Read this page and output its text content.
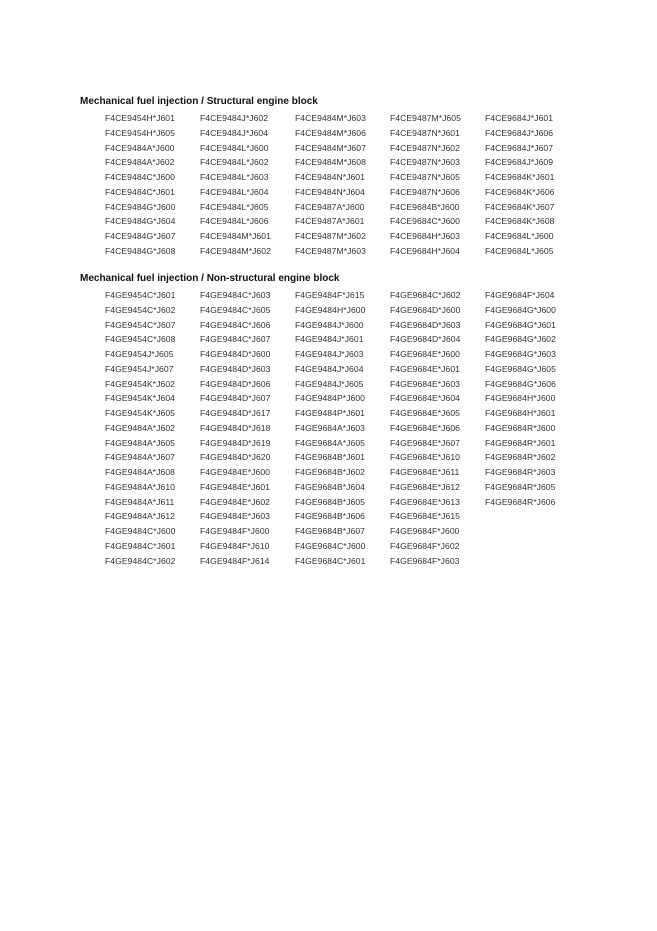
Mechanical fuel injection / Structural engine block
F4CE9454H*J601
F4CE9454H*J605
F4CE9484A*J600
F4CE9484A*J602
F4CE9484C*J600
F4CE9484C*J601
F4CE9484G*J600
F4CE9484G*J604
F4CE9484G*J607
F4CE9484G*J608
F4CE9484J*J602
F4CE9484J*J604
F4CE9484L*J600
F4CE9484L*J602
F4CE9484L*J603
F4CE9484L*J604
F4CE9484L*J605
F4CE9484L*J606
F4CE9484M*J601
F4CE9484M*J602
F4CE9484M*J603
F4CE9484M*J606
F4CE9484M*J607
F4CE9484M*J608
F4CE9484N*J601
F4CE9484N*J604
F4CE9487A*J600
F4CE9487A*J601
F4CE9487M*J602
F4CE9487M*J603
F4CE9487M*J605
F4CE9487N*J601
F4CE9487N*J602
F4CE9487N*J603
F4CE9487N*J605
F4CE9487N*J606
F4CE9684B*J600
F4CE9684C*J600
F4CE9684H*J603
F4CE9684H*J604
F4CE9684J*J601
F4CE9684J*J606
F4CE9684J*J607
F4CE9684J*J609
F4CE9684K*J601
F4CE9684K*J606
F4CE9684K*J607
F4CE9684K*J608
F4CE9684L*J600
F4CE9684L*J605
Mechanical fuel injection / Non-structural engine block
F4GE9454C*J601
F4GE9454C*J602
F4GE9454C*J607
F4GE9454C*J608
F4GE9454J*J605
F4GE9454J*J607
F4GE9454K*J602
F4GE9454K*J604
F4GE9454K*J605
F4GE9484A*J602
F4GE9484A*J605
F4GE9484A*J607
F4GE9484A*J608
F4GE9484A*J610
F4GE9484A*J611
F4GE9484A*J612
F4GE9484C*J600
F4GE9484C*J601
F4GE9484C*J602
F4GE9484C*J603
F4GE9484C*J605
F4GE9484C*J606
F4GE9484C*J607
F4GE9484D*J600
F4GE9484D*J603
F4GE9484D*J606
F4GE9484D*J607
F4GE9484D*J617
F4GE9484D*J618
F4GE9484D*J619
F4GE9484D*J620
F4GE9484E*J600
F4GE9484E*J601
F4GE9484E*J602
F4GE9484E*J603
F4GE9484F*J600
F4GE9484F*J610
F4GE9484F*J614
F4GE9484F*J615
F4GE9484H*J600
F4GE9484J*J600
F4GE9484J*J601
F4GE9484J*J603
F4GE9484J*J604
F4GE9484J*J605
F4GE9484P*J600
F4GE9484P*J601
F4GE9684A*J603
F4GE9684A*J605
F4GE9684B*J601
F4GE9684B*J602
F4GE9684B*J604
F4GE9684B*J605
F4GE9684B*J606
F4GE9684B*J607
F4GE9684C*J600
F4GE9684C*J601
F4GE9684C*J602
F4GE9684D*J600
F4GE9684D*J603
F4GE9684D*J604
F4GE9684E*J600
F4GE9684E*J601
F4GE9684E*J603
F4GE9684E*J604
F4GE9684E*J605
F4GE9684E*J606
F4GE9684E*J607
F4GE9684E*J610
F4GE9684E*J611
F4GE9684E*J612
F4GE9684E*J613
F4GE9684E*J615
F4GE9684F*J600
F4GE9684F*J602
F4GE9684F*J603
F4GE9684F*J604
F4GE9684G*J600
F4GE9684G*J601
F4GE9684G*J602
F4GE9684G*J603
F4GE9684G*J605
F4GE9684G*J606
F4GE9684H*J600
F4GE9684H*J601
F4GE9684R*J600
F4GE9684R*J601
F4GE9684R*J602
F4GE9684R*J603
F4GE9684R*J605
F4GE9684R*J606
